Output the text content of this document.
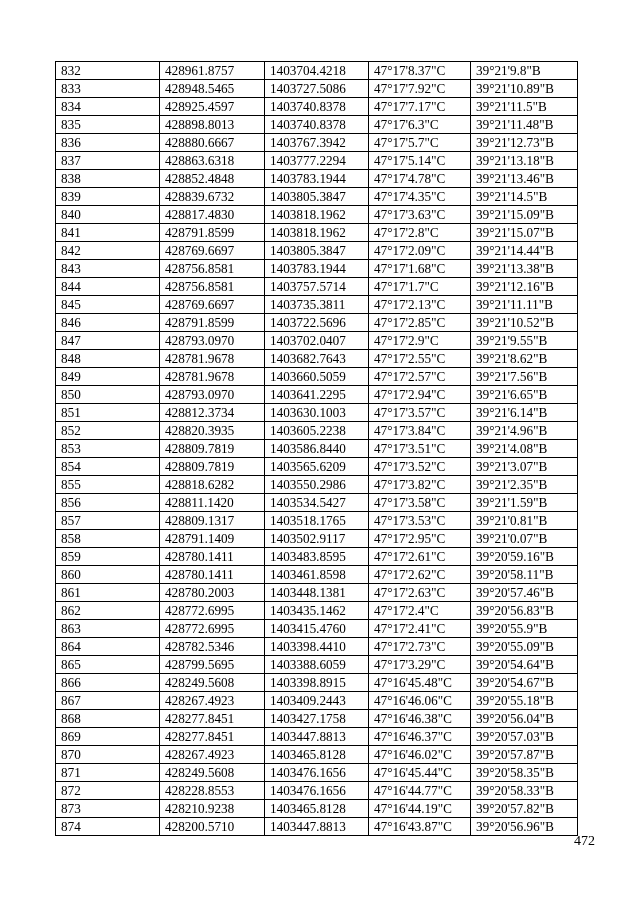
832	428961.8757	1403704.4218	47°17'8.37"С	39°21'9.8"В
833	428948.5465	1403727.5086	47°17'7.92"С	39°21'10.89"В
834	428925.4597	1403740.8378	47°17'7.17"С	39°21'11.5"В
835	428898.8013	1403740.8378	47°17'6.3"С	39°21'11.48"В
836	428880.6667	1403767.3942	47°17'5.7"С	39°21'12.73"В
837	428863.6318	1403777.2294	47°17'5.14"С	39°21'13.18"В
838	428852.4848	1403783.1944	47°17'4.78"С	39°21'13.46"В
839	428839.6732	1403805.3847	47°17'4.35"С	39°21'14.5"В
840	428817.4830	1403818.1962	47°17'3.63"С	39°21'15.09"В
841	428791.8599	1403818.1962	47°17'2.8"С	39°21'15.07"В
842	428769.6697	1403805.3847	47°17'2.09"С	39°21'14.44"В
843	428756.8581	1403783.1944	47°17'1.68"С	39°21'13.38"В
844	428756.8581	1403757.5714	47°17'1.7"С	39°21'12.16"В
845	428769.6697	1403735.3811	47°17'2.13"С	39°21'11.11"В
846	428791.8599	1403722.5696	47°17'2.85"С	39°21'10.52"В
847	428793.0970	1403702.0407	47°17'2.9"С	39°21'9.55"В
848	428781.9678	1403682.7643	47°17'2.55"С	39°21'8.62"В
849	428781.9678	1403660.5059	47°17'2.57"С	39°21'7.56"В
850	428793.0970	1403641.2295	47°17'2.94"С	39°21'6.65"В
851	428812.3734	1403630.1003	47°17'3.57"С	39°21'6.14"В
852	428820.3935	1403605.2238	47°17'3.84"С	39°21'4.96"В
853	428809.7819	1403586.8440	47°17'3.51"С	39°21'4.08"В
854	428809.7819	1403565.6209	47°17'3.52"С	39°21'3.07"В
855	428818.6282	1403550.2986	47°17'3.82"С	39°21'2.35"В
856	428811.1420	1403534.5427	47°17'3.58"С	39°21'1.59"В
857	428809.1317	1403518.1765	47°17'3.53"С	39°21'0.81"В
858	428791.1409	1403502.9117	47°17'2.95"С	39°21'0.07"В
859	428780.1411	1403483.8595	47°17'2.61"С	39°20'59.16"В
860	428780.1411	1403461.8598	47°17'2.62"С	39°20'58.11"В
861	428780.2003	1403448.1381	47°17'2.63"С	39°20'57.46"В
862	428772.6995	1403435.1462	47°17'2.4"С	39°20'56.83"В
863	428772.6995	1403415.4760	47°17'2.41"С	39°20'55.9"В
864	428782.5346	1403398.4410	47°17'2.73"С	39°20'55.09"В
865	428799.5695	1403388.6059	47°17'3.29"С	39°20'54.64"В
866	428249.5608	1403398.8915	47°16'45.48"С	39°20'54.67"В
867	428267.4923	1403409.2443	47°16'46.06"С	39°20'55.18"В
868	428277.8451	1403427.1758	47°16'46.38"С	39°20'56.04"В
869	428277.8451	1403447.8813	47°16'46.37"С	39°20'57.03"В
870	428267.4923	1403465.8128	47°16'46.02"С	39°20'57.87"В
871	428249.5608	1403476.1656	47°16'45.44"С	39°20'58.35"В
872	428228.8553	1403476.1656	47°16'44.77"С	39°20'58.33"В
873	428210.9238	1403465.8128	47°16'44.19"С	39°20'57.82"В
874	428200.5710	1403447.8813	47°16'43.87"С	39°20'56.96"В
472
